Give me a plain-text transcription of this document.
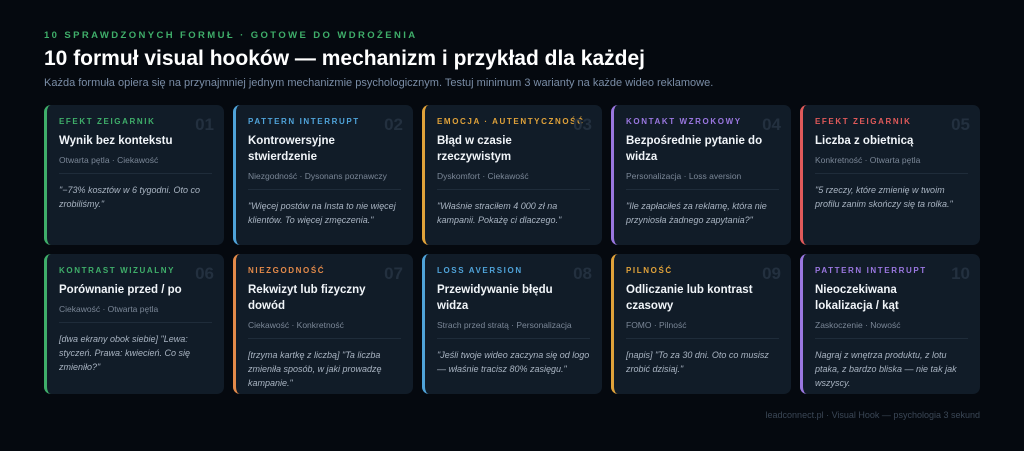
10 SPRAWDZONYCH FORMUŁ · GOTOWE DO WDROŻENIA
10 formuł visual hooków — mechanizm i przykład dla każdej

Każda formuła opiera się na przynajmniej jednym mechanizmie psychologicznym. Testuj minimum 3 warianty na każde wideo reklamowe.

01
EFEKT ZEIGARNIK
Wynik bez kontekstu
Otwarta pętla · Ciekawość
"−73% kosztów w 6 tygodni. Oto co zrobiliśmy."
02
PATTERN INTERRUPT
Kontrowersyjne stwierdzenie
Niezgodność · Dysonans poznawczy
"Więcej postów na Insta to nie więcej klientów. To więcej zmęczenia."
03
EMOCJA · AUTENTYCZNOŚĆ
Błąd w czasie rzeczywistym
Dyskomfort · Ciekawość
"Właśnie straciłem 4 000 zł na kampanii. Pokażę ci dlaczego."
04
KONTAKT WZROKOWY
Bezpośrednie pytanie do widza
Personalizacja · Loss aversion
"Ile zapłaciłeś za reklamę, która nie przyniosła żadnego zapytania?"
05
EFEKT ZEIGARNIK
Liczba z obietnicą
Konkretność · Otwarta pętla
"5 rzeczy, które zmienię w twoim profilu zanim skończy się ta rolka."
06
KONTRAST WIZUALNY
Porównanie przed / po
Ciekawość · Otwarta pętla
[dwa ekrany obok siebie] "Lewa: styczeń. Prawa: kwiecień. Co się zmieniło?"
07
NIEZGODNOŚĆ
Rekwizyt lub fizyczny dowód
Ciekawość · Konkretność
[trzyma kartkę z liczbą] "Ta liczba zmieniła sposób, w jaki prowadzę kampanie."
08
LOSS AVERSION
Przewidywanie błędu widza
Strach przed stratą · Personalizacja
"Jeśli twoje wideo zaczyna się od logo — właśnie tracisz 80% zasięgu."
09
PILNOŚĆ
Odliczanie lub kontrast czasowy
FOMO · Pilność
[napis] "To za 30 dni. Oto co musisz zrobić dzisiaj."
10
PATTERN INTERRUPT
Nieoczekiwana lokalizacja / kąt
Zaskoczenie · Nowość
Nagraj z wnętrza produktu, z lotu ptaka, z bardzo bliska — nie tak jak wszyscy.
leadconnect.pl · Visual Hook — psychologia 3 sekund
